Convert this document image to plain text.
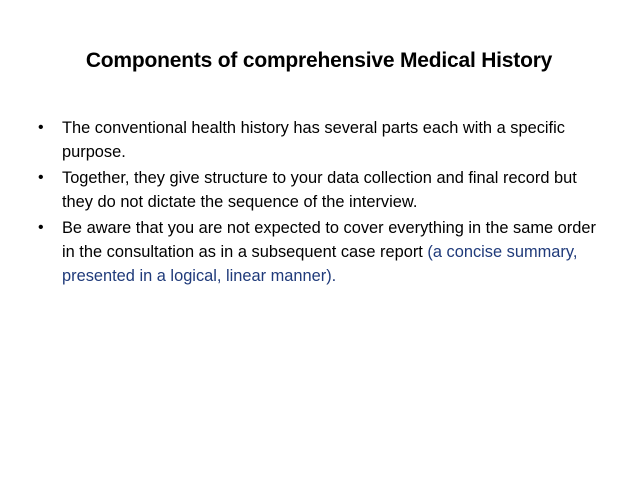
Components of comprehensive Medical History
•	The conventional health history has several parts each with a specific purpose.
•	Together, they give structure to your data collection and final record but they do not dictate the sequence of the interview.
•	Be aware that you are not expected to cover everything in the same order in the consultation as in a subsequent case report (a concise summary, presented in a logical, linear manner).
